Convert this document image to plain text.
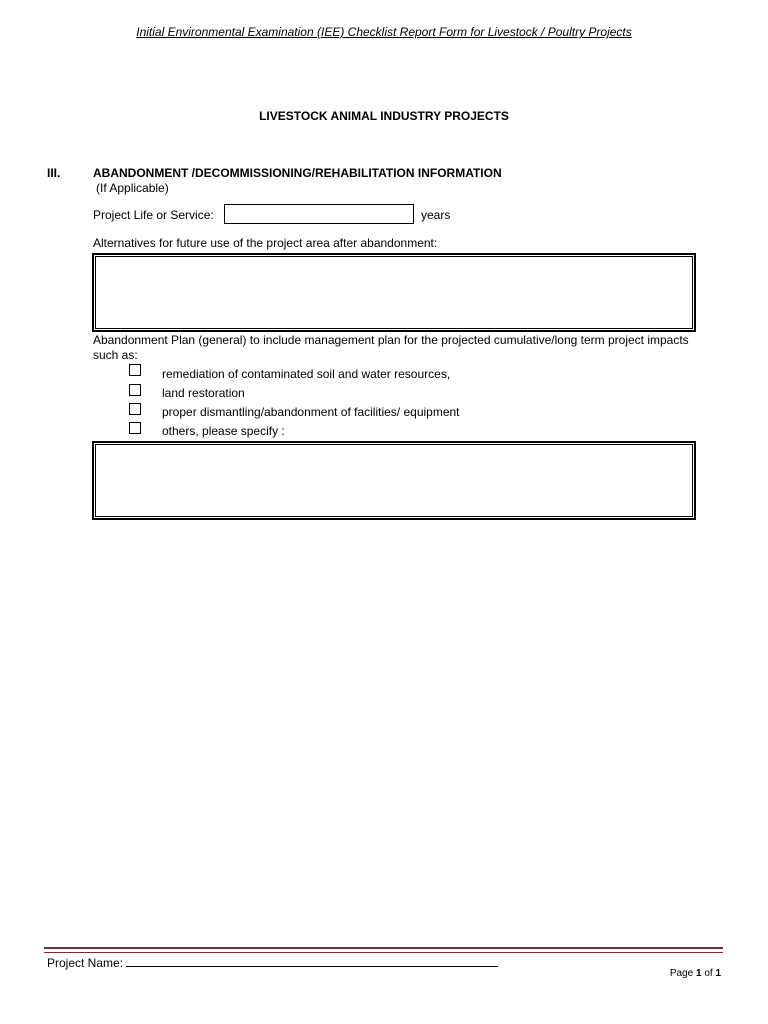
Initial Environmental Examination (IEE) Checklist Report Form for Livestock / Poultry Projects
LIVESTOCK ANIMAL INDUSTRY PROJECTS
III.	ABANDONMENT /DECOMMISSIONING/REHABILITATION INFORMATION
(If Applicable)
Project Life or Service:	years
Alternatives for future use of the project area after abandonment:
Abandonment Plan (general) to include management plan for the projected cumulative/long term project impacts such as:
remediation of contaminated soil and water resources,
land restoration
proper dismantling/abandonment of facilities/ equipment
others, please specify :
Project Name:
Page 1 of 1
